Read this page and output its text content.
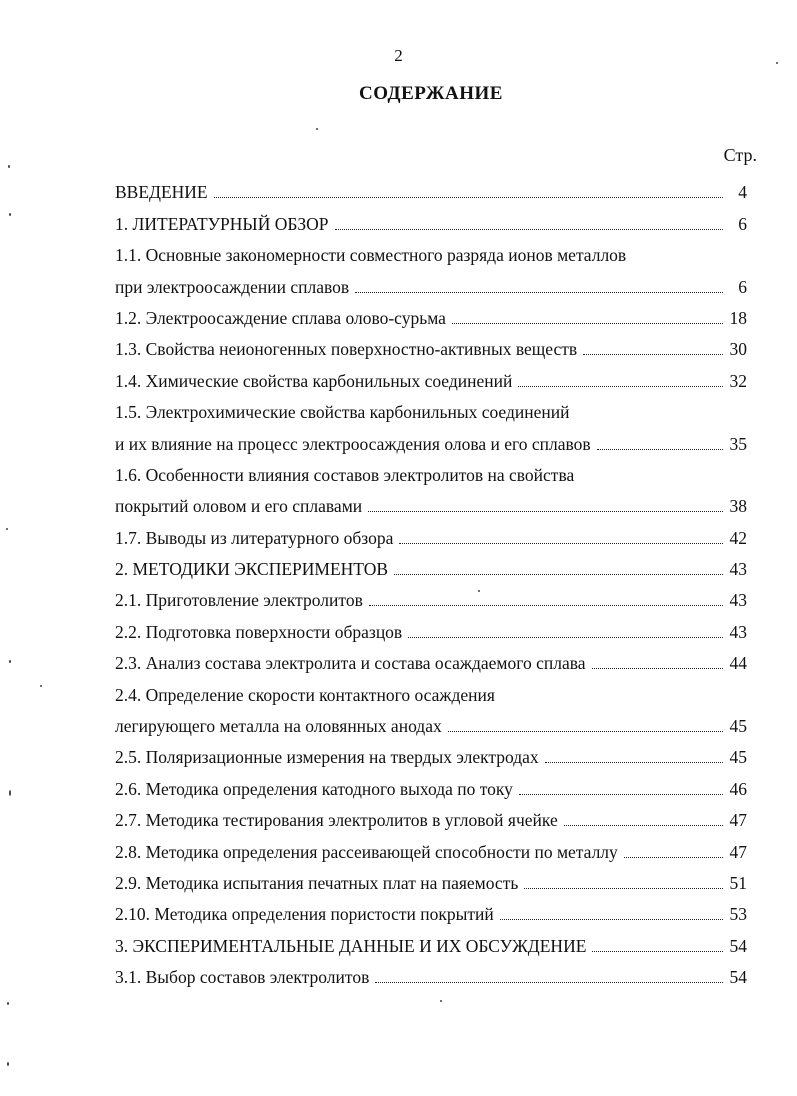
2
СОДЕРЖАНИЕ
Стр.
ВВЕДЕНИЕ	4
1. ЛИТЕРАТУРНЫЙ ОБЗОР	6
1.1. Основные закономерности совместного разряда ионов металлов
при электроосаждении сплавов	6
1.2. Электроосаждение сплава олово-сурьма	18
1.3. Свойства неионогенных поверхностно-активных веществ	30
1.4. Химические свойства карбонильных соединений	32
1.5. Электрохимические свойства карбонильных соединений
и их влияние на процесс электроосаждения олова и его сплавов	35
1.6. Особенности влияния составов электролитов на свойства
покрытий оловом и его сплавами	38
1.7. Выводы из литературного обзора	42
2. МЕТОДИКИ ЭКСПЕРИМЕНТОВ	43
2.1. Приготовление электролитов	43
2.2. Подготовка поверхности образцов	43
2.3. Анализ состава электролита и состава осаждаемого сплава	44
2.4. Определение скорости контактного осаждения
легирующего металла на оловянных анодах	45
2.5. Поляризационные измерения на твердых электродах	45
2.6. Методика определения катодного выхода по току	46
2.7. Методика тестирования электролитов в угловой ячейке	47
2.8. Методика определения рассеивающей способности по металлу	47
2.9. Методика испытания печатных плат на паяемость	51
2.10. Методика определения пористости покрытий	53
3. ЭКСПЕРИМЕНТАЛЬНЫЕ ДАННЫЕ И ИХ ОБСУЖДЕНИЕ	54
3.1. Выбор составов электролитов	54
